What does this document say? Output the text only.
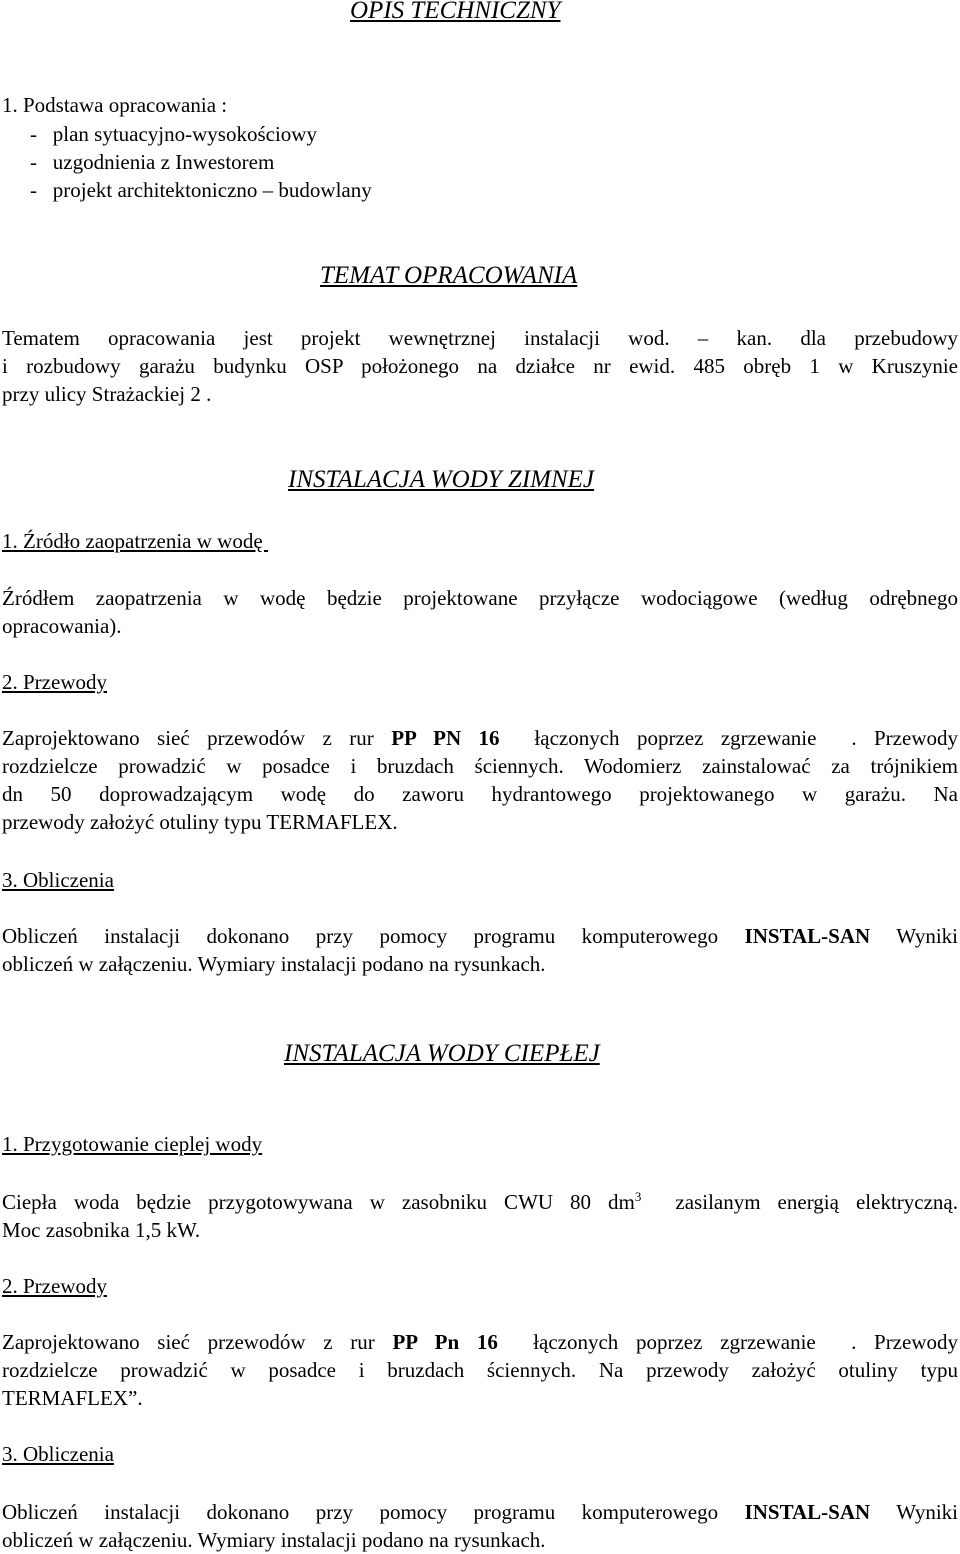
OPIS TECHNICZNY
1. Podstawa opracowania :
-   plan sytuacyjno-wysokościowy
-   uzgodnienia z Inwestorem
-   projekt architektoniczno – budowlany
TEMAT OPRACOWANIA
Tematem opracowania jest projekt wewnętrznej instalacji wod. – kan. dla przebudowy
i rozbudowy garażu budynku OSP położonego na działce nr ewid. 485 obręb 1 w Kruszynie
przy ulicy Strażackiej 2 .
INSTALACJA WODY ZIMNEJ
1. Źródło zaopatrzenia w wodę
Źródłem zaopatrzenia w wodę będzie projektowane przyłącze wodociągowe (według odrębnego
opracowania).
2. Przewody
Zaprojektowano sieć przewodów z rur PP PN 16  łączonych poprzez zgrzewanie  . Przewody
rozdzielcze prowadzić w posadce i bruzdach ściennych. Wodomierz zainstalować za trójnikiem
dn 50 doprowadzającym wodę do zaworu hydrantowego projektowanego w garażu. Na
przewody założyć otuliny typu TERMAFLEX.
3. Obliczenia
Obliczeń instalacji dokonano przy pomocy programu komputerowego INSTAL-SAN Wyniki
obliczeń w załączeniu. Wymiary instalacji podano na rysunkach.
INSTALACJA WODY CIEPŁEJ
1. Przygotowanie cieplej wody
Ciepła woda będzie przygotowywana w zasobniku CWU 80 $dm^3$  zasilanym energią elektryczną.
Moc zasobnika 1,5 kW.
2. Przewody
Zaprojektowano sieć przewodów z rur PP Pn 16  łączonych poprzez zgrzewanie  . Przewody
rozdzielcze prowadzić w posadce i bruzdach ściennych. Na przewody założyć otuliny typu
TERMAFLEX”.
3. Obliczenia
Obliczeń instalacji dokonano przy pomocy programu komputerowego INSTAL-SAN Wyniki
obliczeń w załączeniu. Wymiary instalacji podano na rysunkach.
